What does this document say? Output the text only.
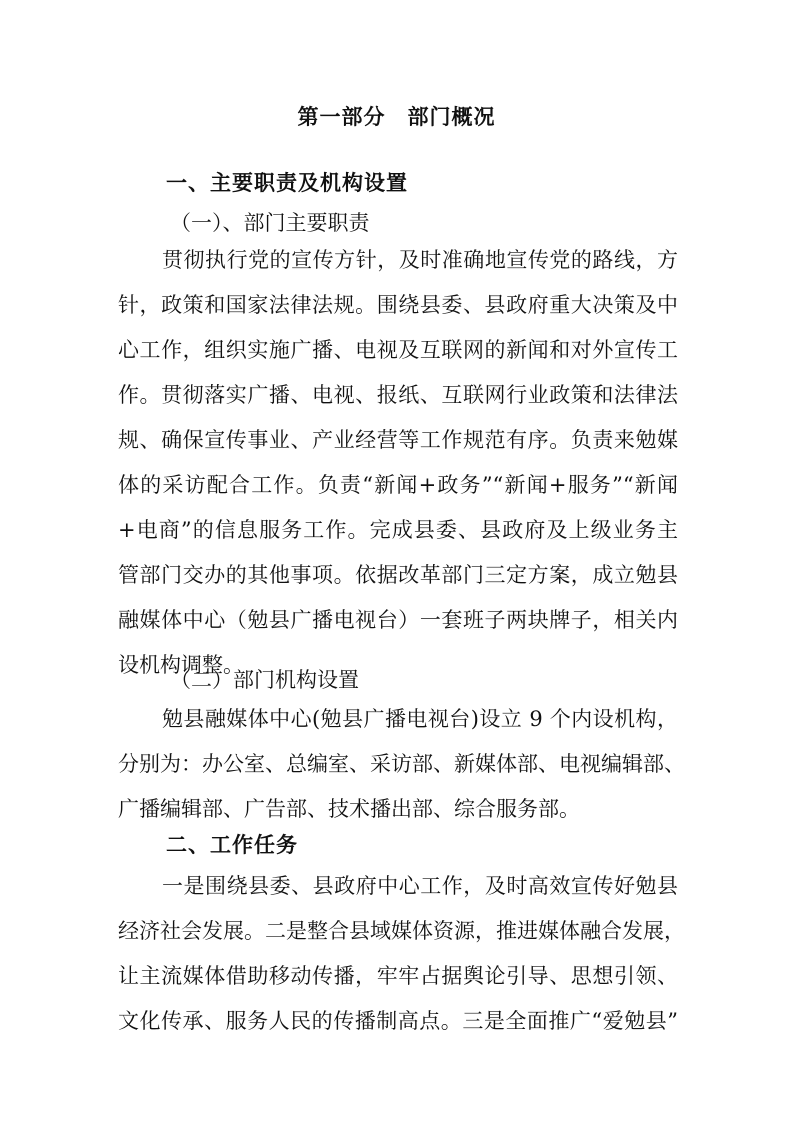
第一部分　部门概况
一、主要职责及机构设置
（一）、部门主要职责
贯彻执行党的宣传方针，及时准确地宣传党的路线，方
针，政策和国家法律法规。围绕县委、县政府重大决策及中
心工作，组织实施广播、电视及互联网的新闻和对外宣传工
作。贯彻落实广播、电视、报纸、互联网行业政策和法律法
规、确保宣传事业、产业经营等工作规范有序。负责来勉媒
体的采访配合工作。负责“新闻+政务”“新闻+服务”“新闻
+电商”的信息服务工作。完成县委、县政府及上级业务主
管部门交办的其他事项。依据改革部门三定方案，成立勉县
融媒体中心（勉县广播电视台）一套班子两块牌子，相关内
设机构调整。
（二）部门机构设置
勉县融媒体中心(勉县广播电视台)设立 9 个内设机构，
分别为：办公室、总编室、采访部、新媒体部、电视编辑部、
广播编辑部、广告部、技术播出部、综合服务部。
二、工作任务
一是围绕县委、县政府中心工作，及时高效宣传好勉县
经济社会发展。二是整合县域媒体资源，推进媒体融合发展，
让主流媒体借助移动传播，牢牢占据舆论引导、思想引领、
文化传承、服务人民的传播制高点。三是全面推广“爱勉县”
